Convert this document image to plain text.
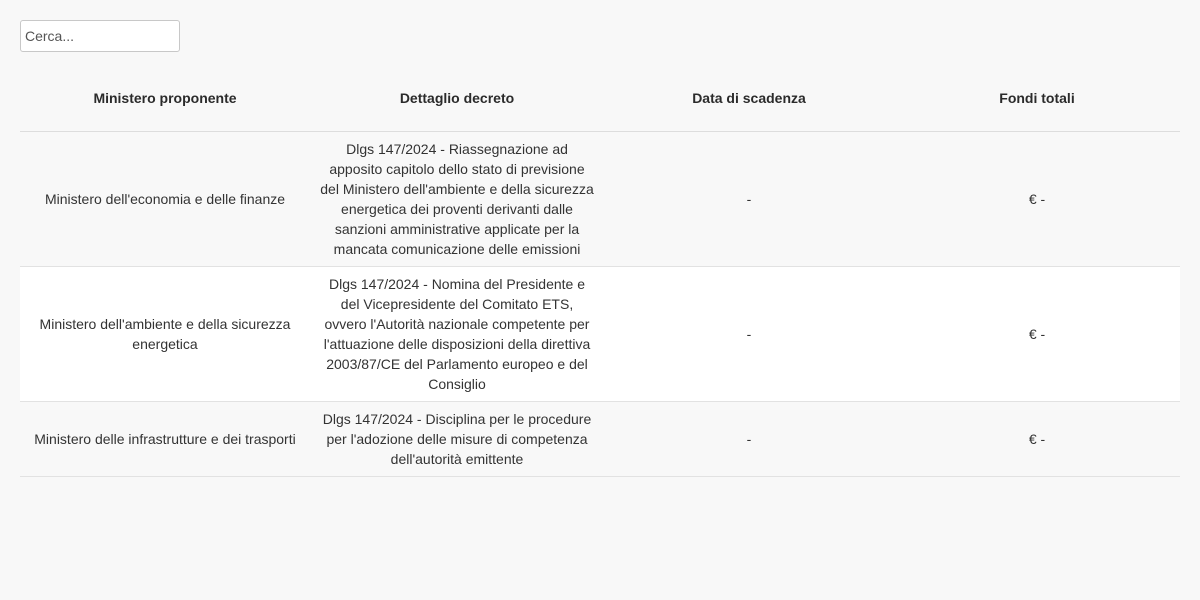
Cerca...
Ministero proponente	Dettaglio decreto	Data di scadenza	Fondi totali
Ministero dell'economia e delle finanze	Dlgs 147/2024 - Riassegnazione ad apposito capitolo dello stato di previsione del Ministero dell'ambiente e della sicurezza energetica dei proventi derivanti dalle sanzioni amministrative applicate per la mancata comunicazione delle emissioni	-	€ -
Ministero dell'ambiente e della sicurezza energetica	Dlgs 147/2024 - Nomina del Presidente e del Vicepresidente del Comitato ETS, ovvero l'Autorità nazionale competente per l'attuazione delle disposizioni della direttiva 2003/87/CE del Parlamento europeo e del Consiglio	-	€ -
Ministero delle infrastrutture e dei trasporti	Dlgs 147/2024 - Disciplina per le procedure per l'adozione delle misure di competenza dell'autorità emittente	-	€ -
